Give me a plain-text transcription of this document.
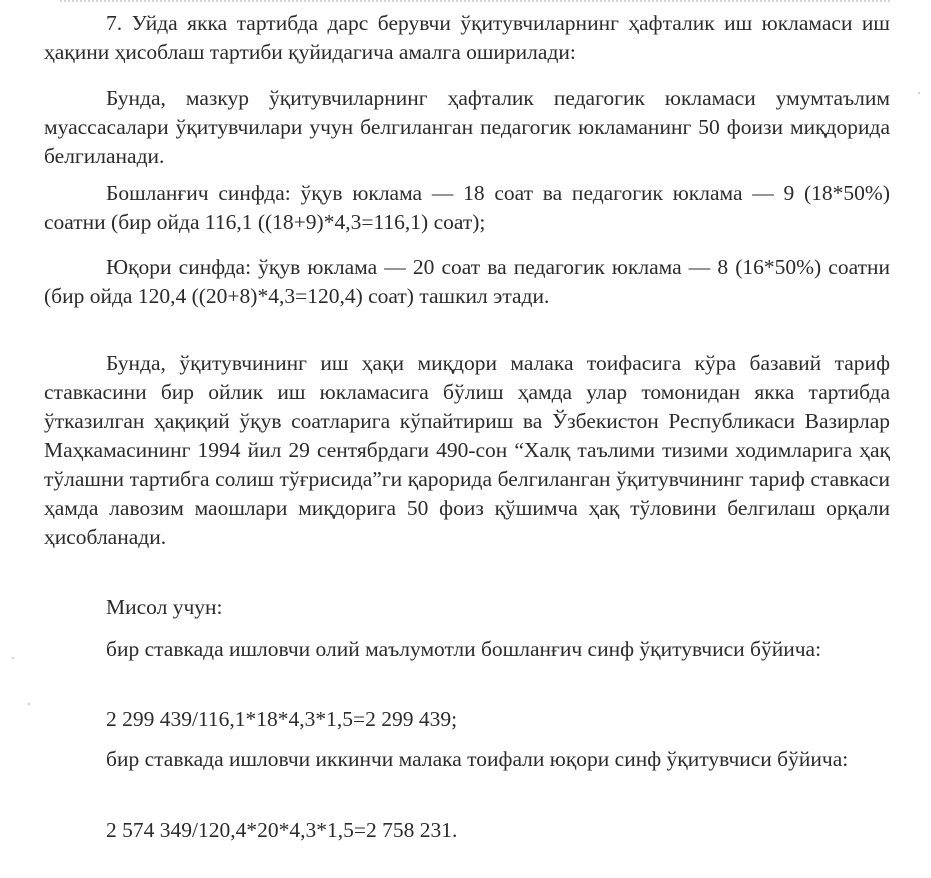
7. Уйда якка тартибда дарс берувчи ўқитувчиларнинг ҳафталик иш юкламаси иш ҳақини ҳисоблаш тартиби қуйидагича амалга оширилади:

Бунда, мазкур ўқитувчиларнинг ҳафталик педагогик юкламаси умумтаълим муассасалари ўқитувчилари учун белгиланган педагогик юкламанинг 50 фоизи миқдорида белгиланади.

Бошланғич синфда: ўқув юклама — 18 соат ва педагогик юклама — 9 (18*50%) соатни (бир ойда 116,1 ((18+9)*4,3=116,1) соат);

Юқори синфда: ўқув юклама — 20 соат ва педагогик юклама — 8 (16*50%) соатни (бир ойда 120,4 ((20+8)*4,3=120,4) соат) ташкил этади.

Бунда, ўқитувчининг иш ҳақи миқдори малака тоифасига кўра базавий тариф ставкасини бир ойлик иш юкламасига бўлиш ҳамда улар томонидан якка тартибда ўтказилган ҳақиқий ўқув соатларига кўпайтириш ва Ўзбекистон Республикаси Вазирлар Маҳкамасининг 1994 йил 29 сентябрдаги 490-сон “Халқ таълими тизими ходимларига ҳақ тўлашни тартибга солиш тўғрисида”ги қарорида белгиланган ўқитувчининг тариф ставкаси ҳамда лавозим маошлари миқдорига 50 фоиз қўшимча ҳақ тўловини белгилаш орқали ҳисобланади.

Мисол учун:

бир ставкада ишловчи олий маълумотли бошланғич синф ўқитувчиси бўйича:

2 299 439/116,1*18*4,3*1,5=2 299 439;

бир ставкада ишловчи иккинчи малака тоифали юқори синф ўқитувчиси бўйича:

2 574 349/120,4*20*4,3*1,5=2 758 231.
